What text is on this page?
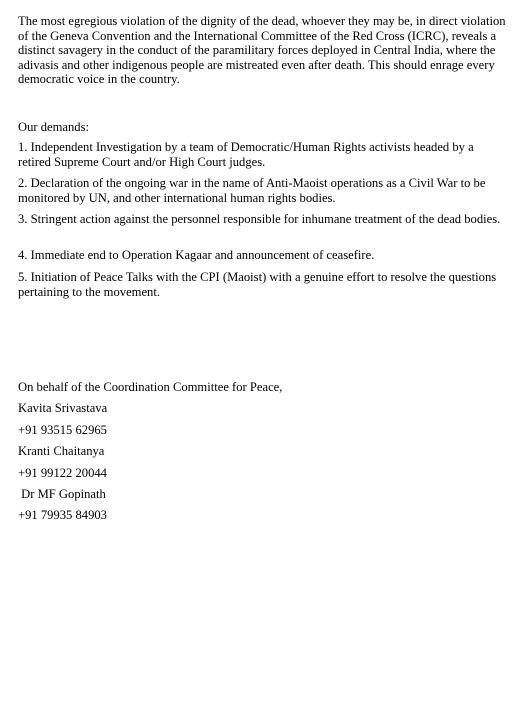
The most egregious violation of the dignity of the dead, whoever they may be, in direct violation of the Geneva Convention and the International Committee of the Red Cross (ICRC), reveals a distinct savagery in the conduct of the paramilitary forces deployed in Central India, where the adivasis and other indigenous people are mistreated even after death. This should enrage every democratic voice in the country.

Our demands:

1. Independent Investigation by a team of Democratic/Human Rights activists headed by a retired Supreme Court and/or High Court judges.
2. Declaration of the ongoing war in the name of Anti-Maoist operations as a Civil War to be monitored by UN, and other international human rights bodies.
3. Stringent action against the personnel responsible for inhumane treatment of the dead bodies.
4. Immediate end to Operation Kagaar and announcement of ceasefire.
5. Initiation of Peace Talks with the CPI (Maoist) with a genuine effort to resolve the questions pertaining to the movement.
On behalf of the Coordination Committee for Peace,
Kavita Srivastava
+91 93515 62965
Kranti Chaitanya
+91 99122 20044
Dr MF Gopinath
+91 79935 84903
